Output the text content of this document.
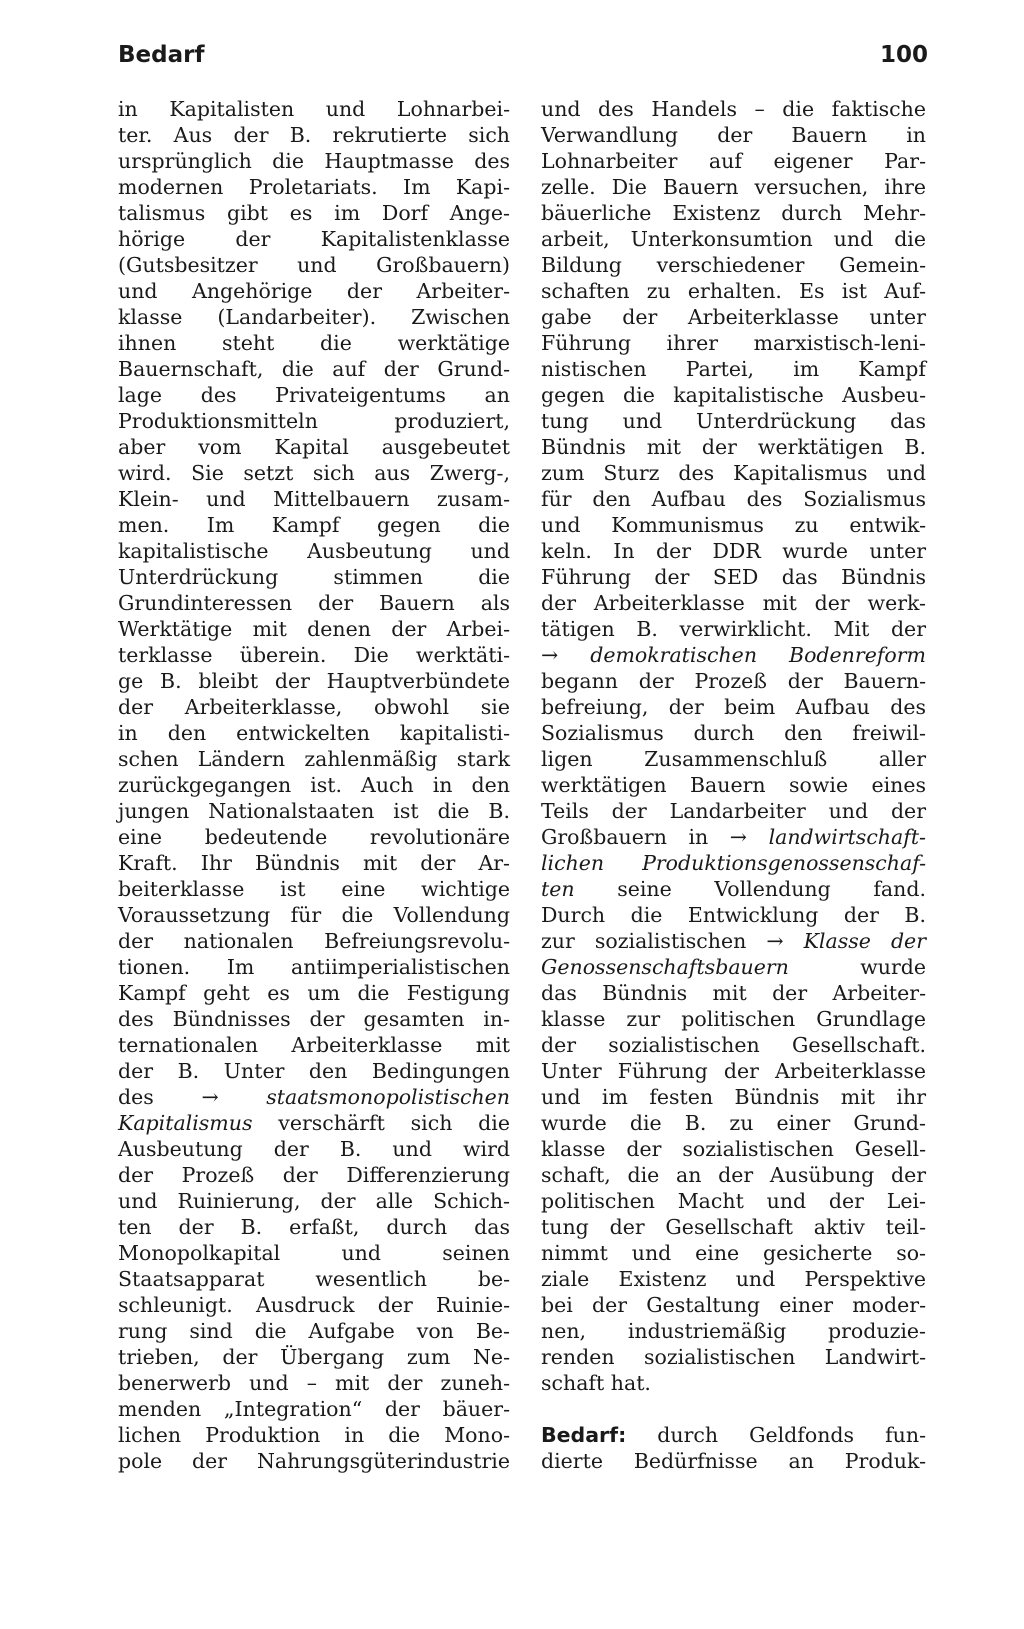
Bedarf	100
in Kapitalisten und Lohnarbei-
ter. Aus der B. rekrutierte sich
ursprünglich die Hauptmasse des
modernen Proletariats. Im Kapi-
talismus gibt es im Dorf Ange-
hörige der Kapitalistenklasse
(Gutsbesitzer und Großbauern)
und Angehörige der Arbeiter-
klasse (Landarbeiter). Zwischen
ihnen steht die werktätige
Bauernschaft, die auf der Grund-
lage des Privateigentums an
Produktionsmitteln produziert,
aber vom Kapital ausgebeutet
wird. Sie setzt sich aus Zwerg-,
Klein- und Mittelbauern zusam-
men. Im Kampf gegen die
kapitalistische Ausbeutung und
Unterdrückung stimmen die
Grundinteressen der Bauern als
Werktätige mit denen der Arbei-
terklasse überein. Die werktäti-
ge B. bleibt der Hauptverbündete
der Arbeiterklasse, obwohl sie
in den entwickelten kapitalisti-
schen Ländern zahlenmäßig stark
zurückgegangen ist. Auch in den
jungen Nationalstaaten ist die B.
eine bedeutende revolutionäre
Kraft. Ihr Bündnis mit der Ar-
beiterklasse ist eine wichtige
Voraussetzung für die Vollendung
der nationalen Befreiungsrevolu-
tionen. Im antiimperialistischen
Kampf geht es um die Festigung
des Bündnisses der gesamten in-
ternationalen Arbeiterklasse mit
der B. Unter den Bedingungen
des → staatsmonopolistischen
Kapitalismus verschärft sich die
Ausbeutung der B. und wird
der Prozeß der Differenzierung
und Ruinierung, der alle Schich-
ten der B. erfaßt, durch das
Monopolkapital und seinen
Staatsapparat wesentlich be-
schleunigt. Ausdruck der Ruinie-
rung sind die Aufgabe von Be-
trieben, der Übergang zum Ne-
benerwerb und – mit der zuneh-
menden „Integration“ der bäuer-
lichen Produktion in die Mono-
pole der Nahrungsgüterindustrie
und des Handels – die faktische
Verwandlung der Bauern in
Lohnarbeiter auf eigener Par-
zelle. Die Bauern versuchen, ihre
bäuerliche Existenz durch Mehr-
arbeit, Unterkonsumtion und die
Bildung verschiedener Gemein-
schaften zu erhalten. Es ist Auf-
gabe der Arbeiterklasse unter
Führung ihrer marxistisch-leni-
nistischen Partei, im Kampf
gegen die kapitalistische Ausbeu-
tung und Unterdrückung das
Bündnis mit der werktätigen B.
zum Sturz des Kapitalismus und
für den Aufbau des Sozialismus
und Kommunismus zu entwik-
keln. In der DDR wurde unter
Führung der SED das Bündnis
der Arbeiterklasse mit der werk-
tätigen B. verwirklicht. Mit der
→ demokratischen Bodenreform
begann der Prozeß der Bauern-
befreiung, der beim Aufbau des
Sozialismus durch den freiwil-
ligen Zusammenschluß aller
werktätigen Bauern sowie eines
Teils der Landarbeiter und der
Großbauern in → landwirtschaft-
lichen Produktionsgenossenschaf-
ten seine Vollendung fand.
Durch die Entwicklung der B.
zur sozialistischen → Klasse der
Genossenschaftsbauern wurde
das Bündnis mit der Arbeiter-
klasse zur politischen Grundlage
der sozialistischen Gesellschaft.
Unter Führung der Arbeiterklasse
und im festen Bündnis mit ihr
wurde die B. zu einer Grund-
klasse der sozialistischen Gesell-
schaft, die an der Ausübung der
politischen Macht und der Lei-
tung der Gesellschaft aktiv teil-
nimmt und eine gesicherte so-
ziale Existenz und Perspektive
bei der Gestaltung einer moder-
nen, industriemäßig produzie-
renden sozialistischen Landwirt-
schaft hat.
Bedarf: durch Geldfonds fun-
dierte Bedürfnisse an Produk-
